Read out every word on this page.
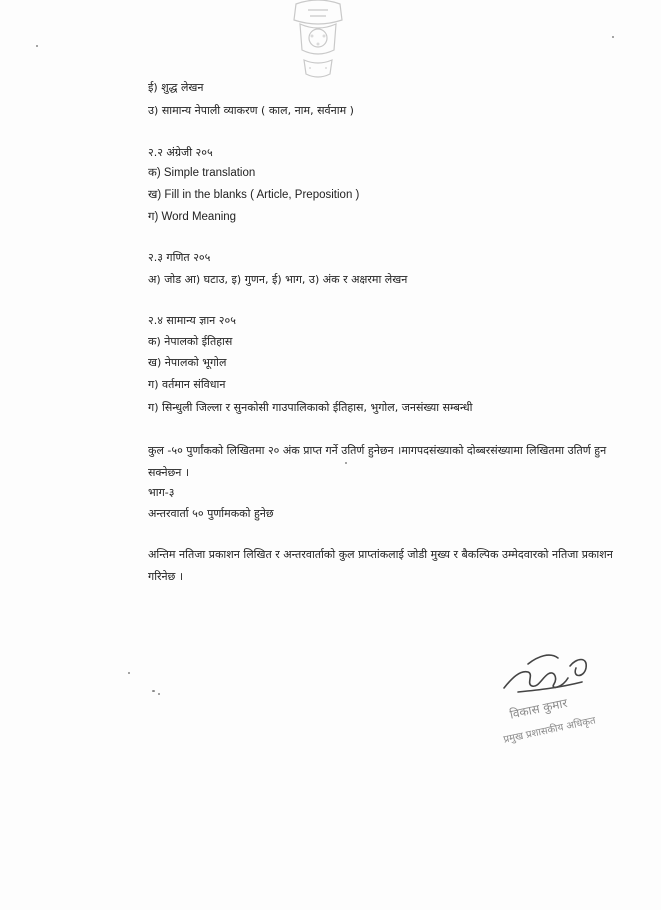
ई) शुद्ध लेखन
उ) सामान्य नेपाली व्याकरण ( काल, नाम, सर्वनाम )
२.२ अंग्रेजी २०५
क) Simple translation
ख) Fill in the blanks ( Article, Preposition )
ग) Word Meaning
२.३ गणित २०५
अ) जोड आ) घटाउ, इ) गुणन, ई) भाग, उ) अंक र अक्षरमा लेखन
२.४ सामान्य ज्ञान २०५
क) नेपालको ईतिहास
ख) नेपालको भूगोल
ग) वर्तमान संविधान
ग) सिन्धुली जिल्ला र सुनकोसी गाउपालिकाको ईतिहास, भुगोल, जनसंख्या सम्बन्धी
कुल -५० पुर्णांकको लिखितमा २० अंक प्राप्त गर्ने उतिर्ण हुनेछन ।मागपदसंख्याको दोब्बरसंख्यामा लिखितमा उतिर्ण हुन सक्नेछन ।
भाग-३
अन्तरवार्ता ५० पुर्णामकको हुनेछ
अन्तिम नतिजा प्रकाशन लिखित र अन्तरवार्ताको कुल प्राप्तांकलाई जोडी मुख्य र बैकल्पिक उम्मेदवारको नतिजा प्रकाशन गरिनेछ ।
विकास कुमार
प्रमुख प्रशासकीय अधिकृत
